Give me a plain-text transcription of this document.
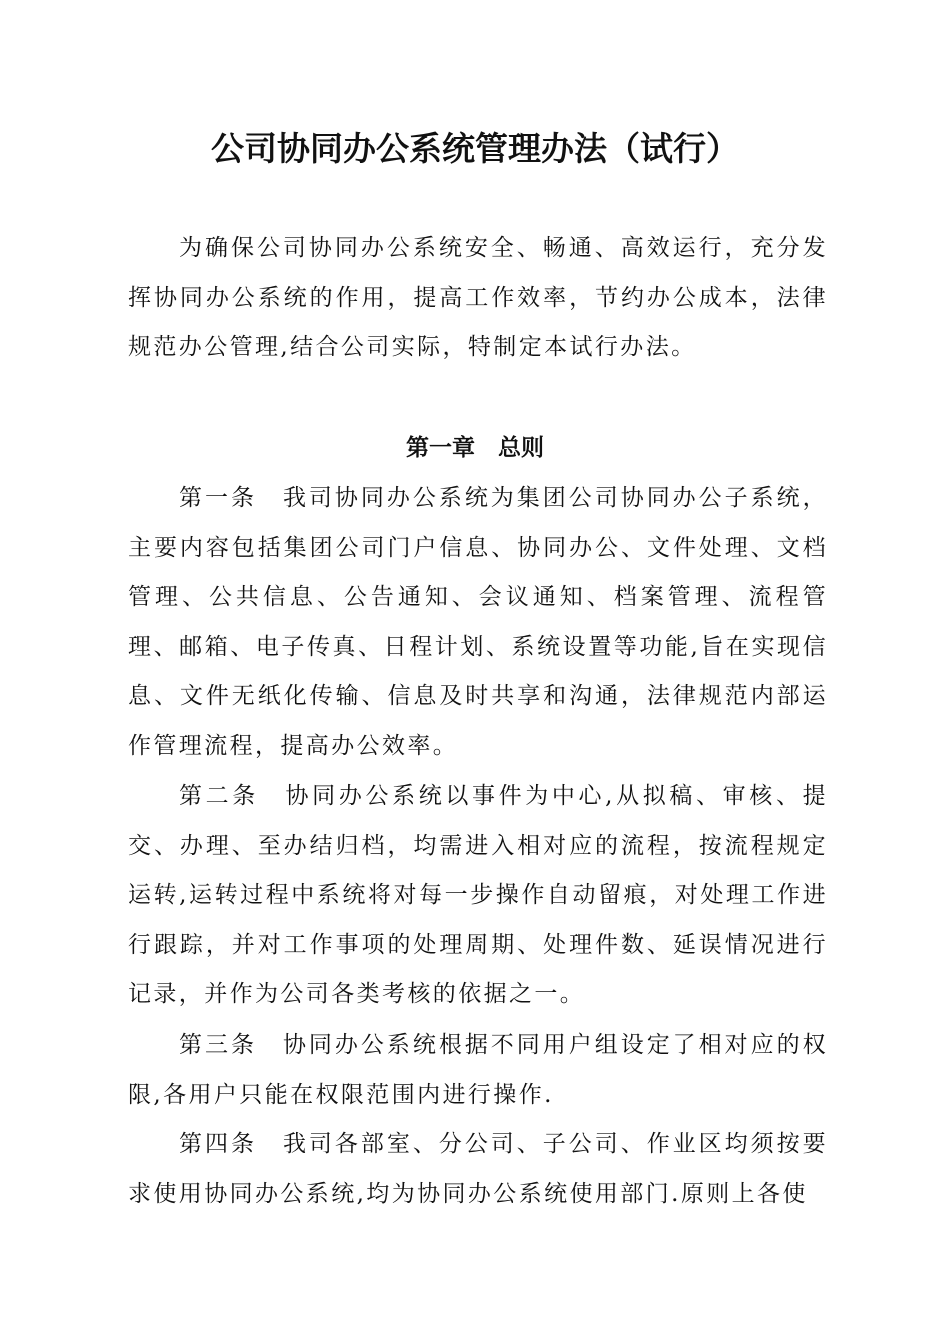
公司协同办公系统管理办法（试行）

为确保公司协同办公系统安全、畅通、高效运行，充分发挥协同办公系统的作用，提高工作效率，节约办公成本，法律规范办公管理,结合公司实际，特制定本试行办法。

第一章　总则

第一条　我司协同办公系统为集团公司协同办公子系统，主要内容包括集团公司门户信息、协同办公、文件处理、文档管理、公共信息、公告通知、会议通知、档案管理、流程管理、邮箱、电子传真、日程计划、系统设置等功能,旨在实现信息、文件无纸化传输、信息及时共享和沟通，法律规范内部运作管理流程，提高办公效率。

第二条　协同办公系统以事件为中心,从拟稿、审核、提交、办理、至办结归档，均需进入相对应的流程，按流程规定运转,运转过程中系统将对每一步操作自动留痕，对处理工作进行跟踪，并对工作事项的处理周期、处理件数、延误情况进行记录，并作为公司各类考核的依据之一。

第三条　协同办公系统根据不同用户组设定了相对应的权限,各用户只能在权限范围内进行操作.

第四条　我司各部室、分公司、子公司、作业区均须按要求使用协同办公系统,均为协同办公系统使用部门.原则上各使
